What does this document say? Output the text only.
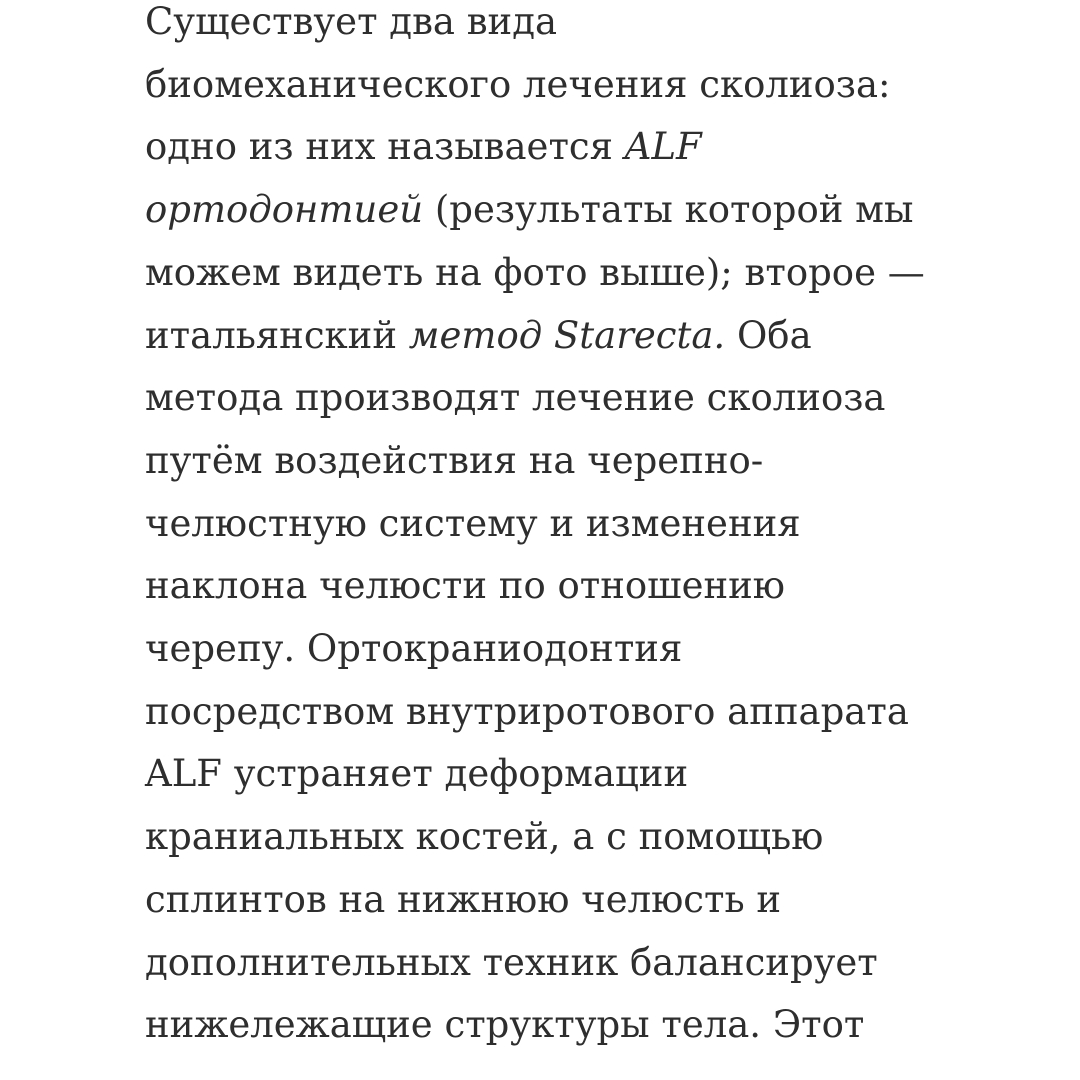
Существует два вида
биомеханического лечения сколиоза:
одно из них называется ALF
ортодонтией (результаты которой мы
можем видеть на фото выше); второе —
итальянский метод Starecta. Оба
метода производят лечение сколиоза
путём воздействия на черепно-
челюстную систему и изменения
наклона челюсти по отношению
черепу. Ортокраниодонтия
посредством внутриротового аппарата
ALF устраняет деформации
краниальных костей, а с помощью
сплинтов на нижнюю челюсть и
дополнительных техник балансирует
нижележащие структуры тела. Этот
